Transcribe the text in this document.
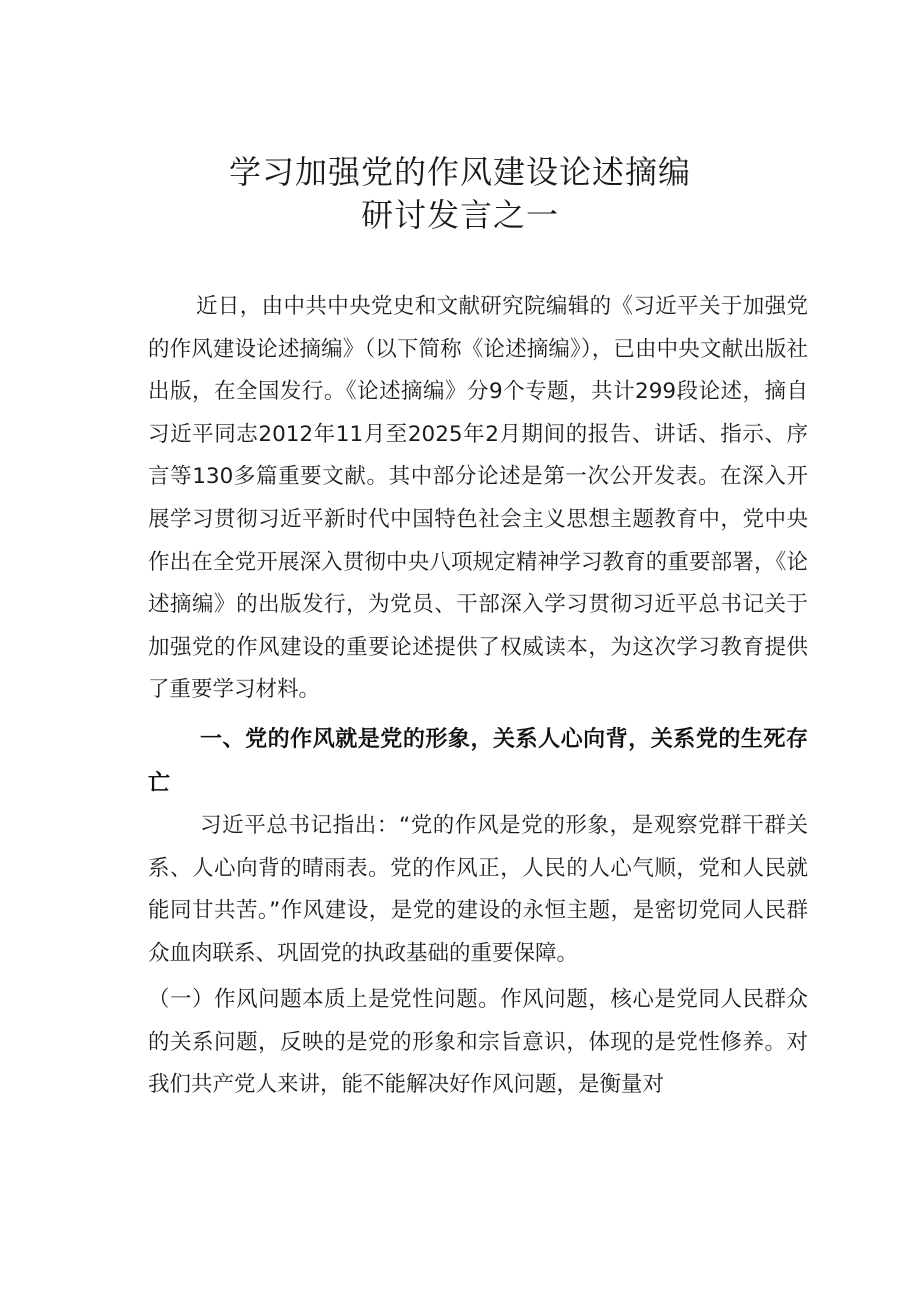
学习加强党的作风建设论述摘编
研讨发言之一
近日，由中共中央党史和文献研究院编辑的《习近平关于加强党的作风建设论述摘编》（以下简称《论述摘编》），已由中央文献出版社出版，在全国发行。《论述摘编》分9个专题，共计299段论述，摘自习近平同志2012年11月至2025年2月期间的报告、讲话、指示、序言等130多篇重要文献。其中部分论述是第一次公开发表。在深入开展学习贯彻习近平新时代中国特色社会主义思想主题教育中，党中央作出在全党开展深入贯彻中央八项规定精神学习教育的重要部署，《论述摘编》的出版发行，为党员、干部深入学习贯彻习近平总书记关于加强党的作风建设的重要论述提供了权威读本，为这次学习教育提供了重要学习材料。
一、党的作风就是党的形象，关系人心向背，关系党的生死存亡
习近平总书记指出：“党的作风是党的形象，是观察党群干群关系、人心向背的晴雨表。党的作风正，人民的人心气顺，党和人民就能同甘共苦。”作风建设，是党的建设的永恒主题，是密切党同人民群众血肉联系、巩固党的执政基础的重要保障。
（一）作风问题本质上是党性问题。作风问题，核心是党同人民群众的关系问题，反映的是党的形象和宗旨意识，体现的是党性修养。对我们共产党人来讲，能不能解决好作风问题，是衡量对
